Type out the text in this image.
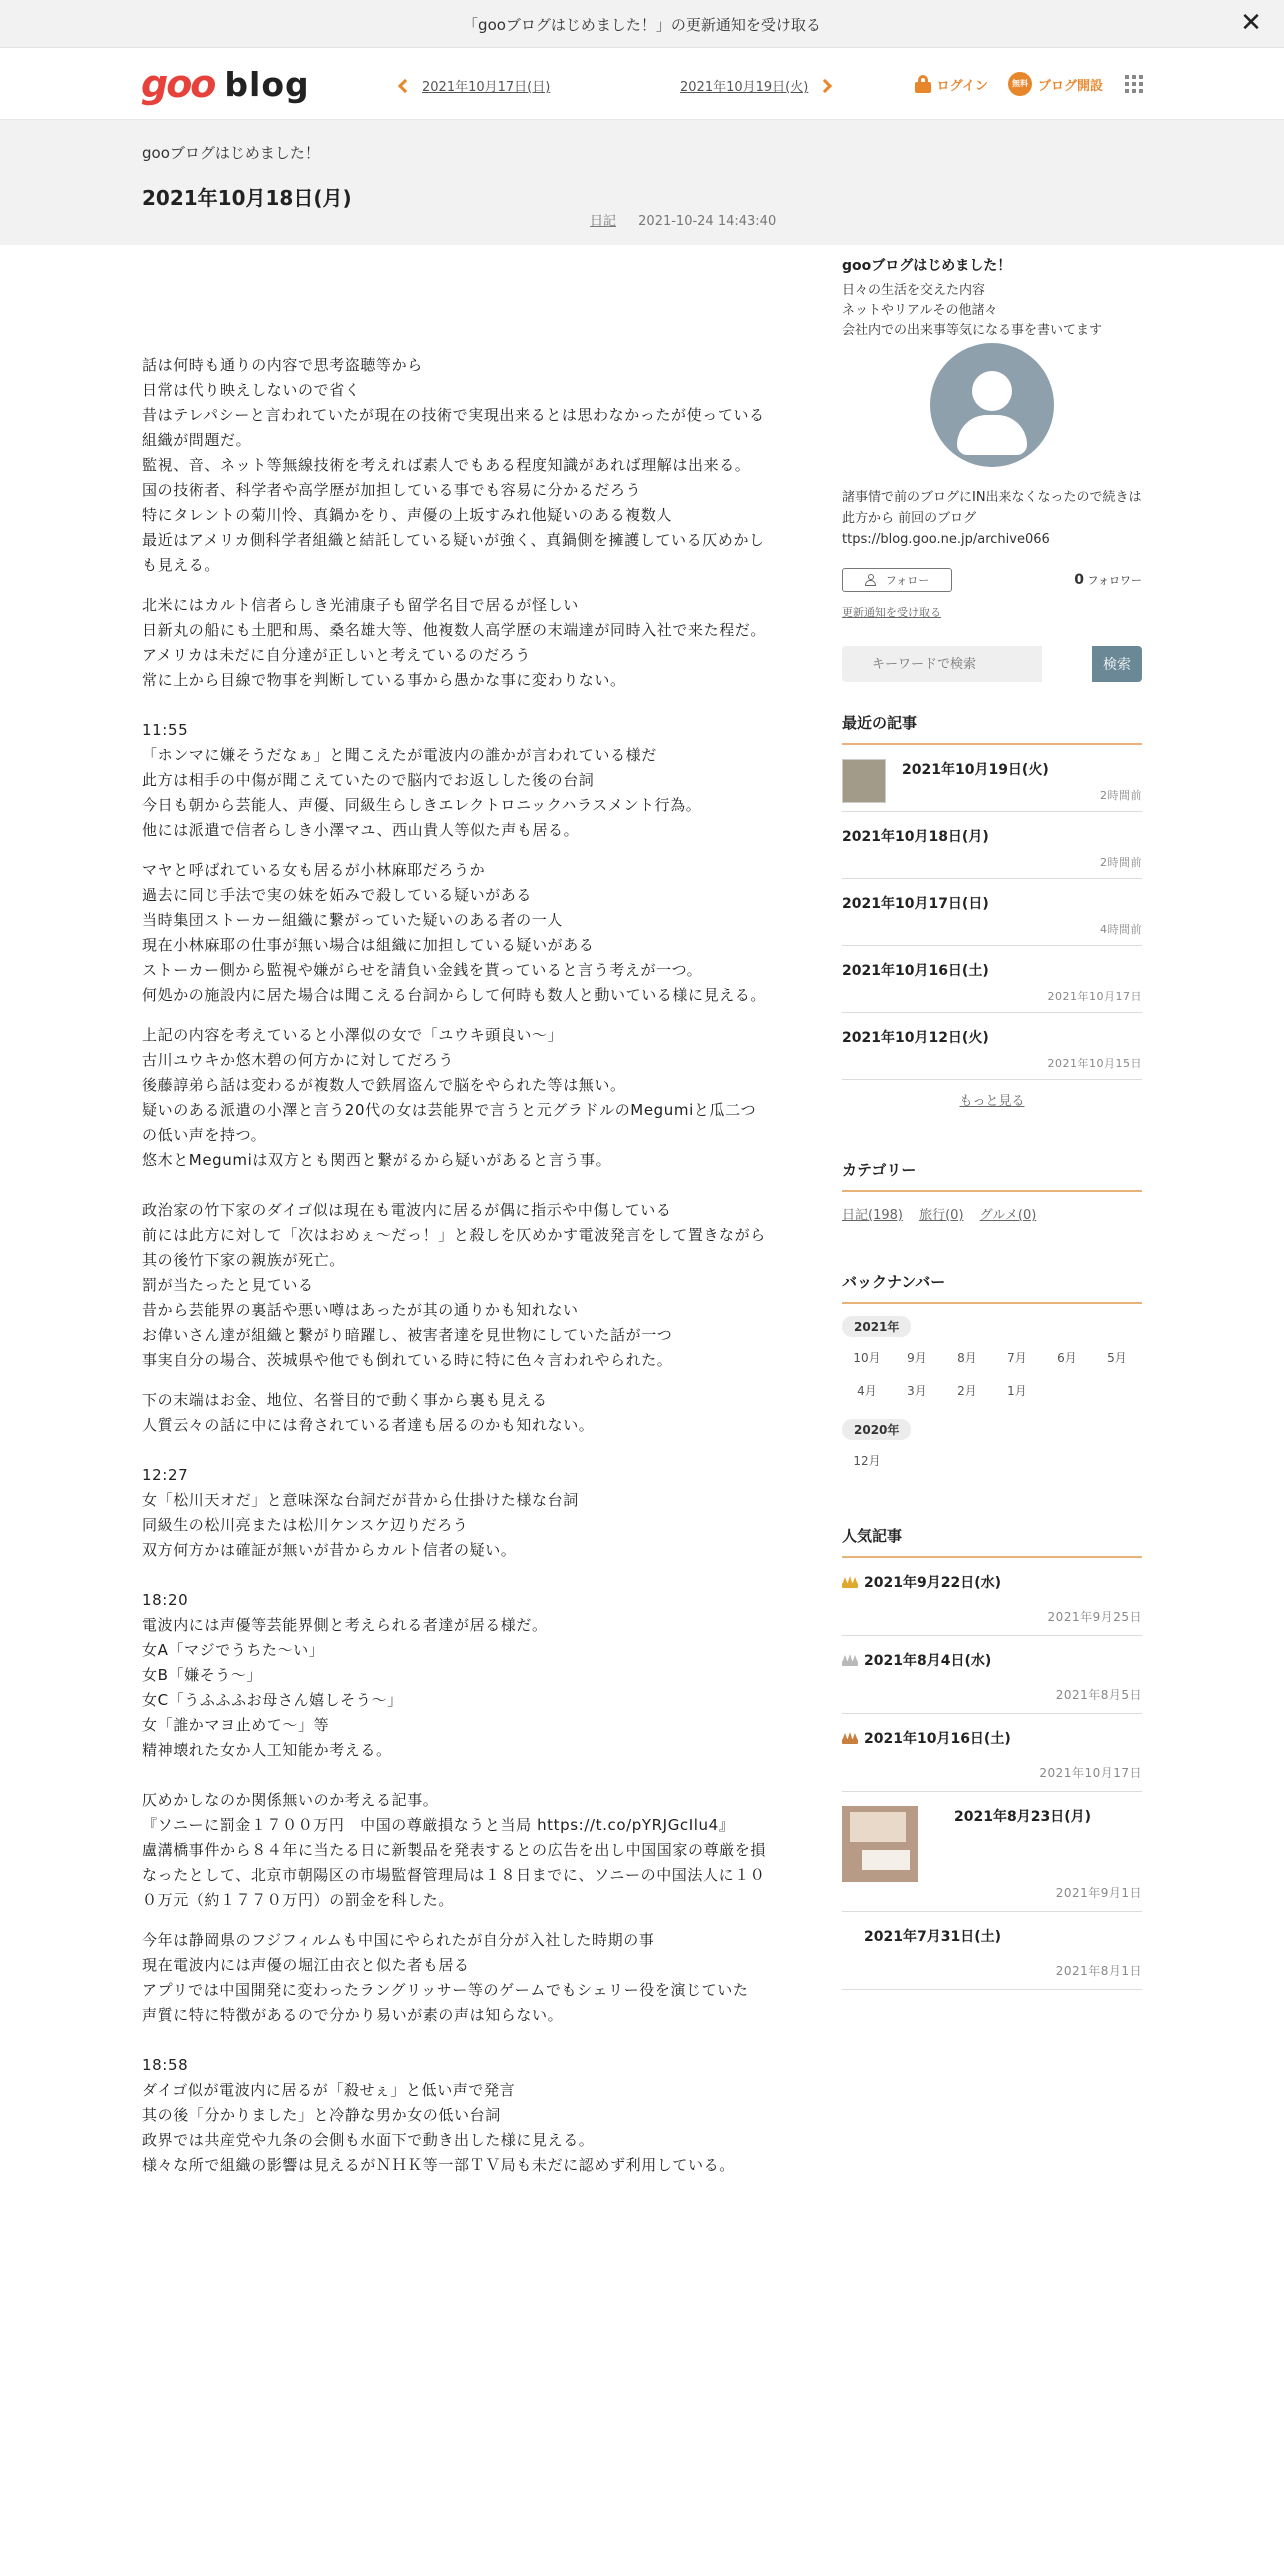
「gooブログはじめました！」の更新通知を受け取る	✕
goo blog	2021年10月17日(日)	2021年10月19日(火)	ログイン	無料 ブログ開設
gooブログはじめました！
2021年10月18日(月)
日記 2021-10-24 14:43:40

話は何時も通りの内容で思考盗聴等から
日常は代り映えしないので省く
昔はテレパシーと言われていたが現在の技術で実現出来るとは思わなかったが使っている組織が問題だ。
監視、音、ネット等無線技術を考えれば素人でもある程度知識があれば理解は出来る。
国の技術者、科学者や高学歴が加担している事でも容易に分かるだろう
特にタレントの菊川怜、真鍋かをり、声優の上坂すみれ他疑いのある複数人
最近はアメリカ側科学者組織と結託している疑いが強く、真鍋側を擁護している仄めかしも見える。

北米にはカルト信者らしき光浦康子も留学名目で居るが怪しい
日新丸の船にも土肥和馬、桑名雄大等、他複数人高学歴の末端達が同時入社で来た程だ。
アメリカは未だに自分達が正しいと考えているのだろう
常に上から目線で物事を判断している事から愚かな事に変わりない。

11:55
「ホンマに嫌そうだなぁ」と聞こえたが電波内の誰かが言われている様だ
此方は相手の中傷が聞こえていたので脳内でお返しした後の台詞
今日も朝から芸能人、声優、同級生らしきエレクトロニックハラスメント行為。
他には派遣で信者らしき小澤マユ、西山貴人等似た声も居る。

マヤと呼ばれている女も居るが小林麻耶だろうか
過去に同じ手法で実の妹を妬みで殺している疑いがある
当時集団ストーカー組織に繋がっていた疑いのある者の一人
現在小林麻耶の仕事が無い場合は組織に加担している疑いがある
ストーカー側から監視や嫌がらせを請負い金銭を貰っていると言う考えが一つ。
何処かの施設内に居た場合は聞こえる台詞からして何時も数人と動いている様に見える。

上記の内容を考えていると小澤似の女で「ユウキ頭良い～」
古川ユウキか悠木碧の何方かに対してだろう
後藤諄弟ら話は変わるが複数人で鉄屑盗んで脳をやられた等は無い。
疑いのある派遣の小澤と言う20代の女は芸能界で言うと元グラドルのMegumiと瓜二つの低い声を持つ。
悠木とMegumiは双方とも関西と繋がるから疑いがあると言う事。

政治家の竹下家のダイゴ似は現在も電波内に居るが偶に指示や中傷している
前には此方に対して「次はおめぇ～だっ！」と殺しを仄めかす電波発言をして置きながら其の後竹下家の親族が死亡。
罰が当たったと見ている
昔から芸能界の裏話や悪い噂はあったが其の通りかも知れない
お偉いさん達が組織と繋がり暗躍し、被害者達を見世物にしていた話が一つ
事実自分の場合、茨城県や他でも倒れている時に特に色々言われやられた。

下の末端はお金、地位、名誉目的で動く事から裏も見える
人質云々の話に中には脅されている者達も居るのかも知れない。

12:27
女「松川天オだ」と意味深な台詞だが昔から仕掛けた様な台詞
同級生の松川亮または松川ケンスケ辺りだろう
双方何方かは確証が無いが昔からカルト信者の疑い。

18:20
電波内には声優等芸能界側と考えられる者達が居る様だ。
女A「マジでうちた～い」
女B「嫌そう～」
女C「うふふふお母さん嬉しそう～」
女「誰かマヨ止めて～」等
精神壊れた女か人工知能か考える。

仄めかしなのか関係無いのか考える記事。
『ソニーに罰金１７００万円　中国の尊厳損なうと当局 https://t.co/pYRJGcIlu4』
盧溝橋事件から８４年に当たる日に新製品を発表するとの広告を出し中国国家の尊厳を損なったとして、北京市朝陽区の市場監督管理局は１８日までに、ソニーの中国法人に１００万元（約１７７０万円）の罰金を科した。

今年は静岡県のフジフィルムも中国にやられたが自分が入社した時期の事
現在電波内には声優の堀江由衣と似た者も居る
アプリでは中国開発に変わったラングリッサー等のゲームでもシェリー役を演じていた
声質に特に特徴があるので分かり易いが素の声は知らない。

18:58
ダイゴ似が電波内に居るが「殺せぇ」と低い声で発言
其の後「分かりました」と冷静な男か女の低い台詞
政界では共産党や九条の会側も水面下で動き出した様に見える。
様々な所で組織の影響は見えるがＮＨＫ等一部ＴＶ局も未だに認めず利用している。

gooブログはじめました！
日々の生活を交えた内容
ネットやリアルその他諸々
会社内での出来事等気になる事を書いてます
諸事情で前のブログにIN出来なくなったので続きは此方から 前回のブログ ttps://blog.goo.ne.jp/archive066
フォロー	0 フォロワー
更新通知を受け取る
キーワードで検索
検索
最近の記事
2021年10月19日(火)
2時間前
2021年10月18日(月)
2時間前
2021年10月17日(日)
4時間前
2021年10月16日(土)
2021年10月17日
2021年10月12日(火)
2021年10月15日
もっと見る
カテゴリー
日記(198) 旅行(0) グルメ(0)
バックナンバー
2021年
10月	9月	8月	7月	6月	5月
4月	3月	2月	1月
2020年
12月
人気記事
2021年9月22日(水)
2021年9月25日
2021年8月4日(水)
2021年8月5日
2021年10月16日(土)
2021年10月17日
2021年8月23日(月)
2021年9月1日
2021年7月31日(土)
2021年8月1日
